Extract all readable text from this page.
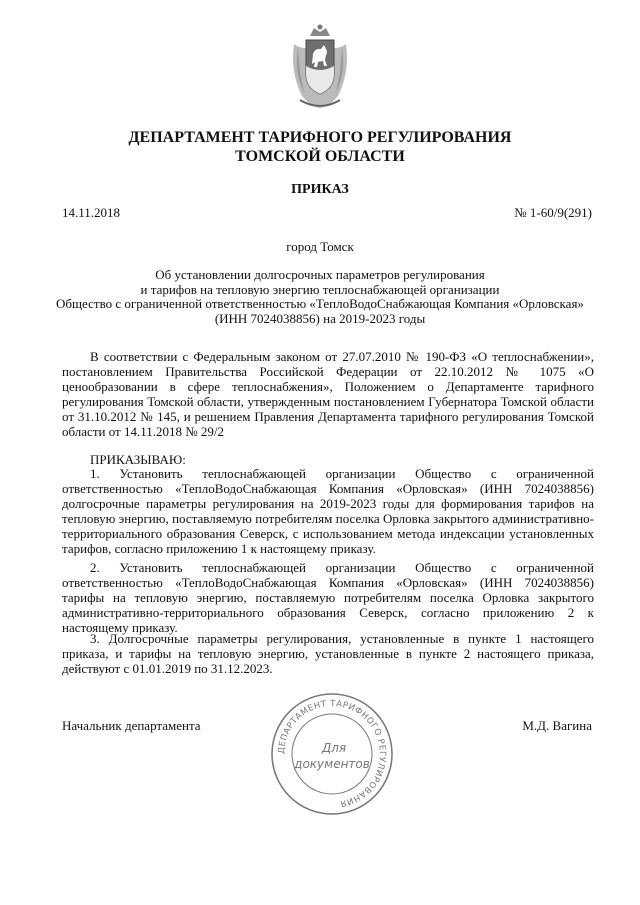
ДЕПАРТАМЕНТ ТАРИФНОГО РЕГУЛИРОВАНИЯ
ТОМСКОЙ ОБЛАСТИ
ПРИКАЗ
14.11.2018	№ 1-60/9(291)
город Томск
Об установлении долгосрочных параметров регулирования
и тарифов на тепловую энергию теплоснабжающей организации
Общество с ограниченной ответственностью «ТеплоВодоСнабжающая Компания «Орловская»
(ИНН 7024038856) на 2019-2023 годы
В соответствии с Федеральным законом от 27.07.2010 № 190-ФЗ «О теплоснабжении», постановлением Правительства Российской Федерации от 22.10.2012 № 1075 «О ценообразовании в сфере теплоснабжения», Положением о Департаменте тарифного регулирования Томской области, утвержденным постановлением Губернатора Томской области от 31.10.2012 № 145, и решением Правления Департамента тарифного регулирования Томской области от 14.11.2018 № 29/2
ПРИКАЗЫВАЮ:
1. Установить теплоснабжающей организации Общество с ограниченной ответственностью «ТеплоВодоСнабжающая Компания «Орловская» (ИНН 7024038856) долгосрочные параметры регулирования на 2019-2023 годы для формирования тарифов на тепловую энергию, поставляемую потребителям поселка Орловка закрытого административно-территориального образования Северск, с использованием метода индексации установленных тарифов, согласно приложению 1 к настоящему приказу.
2. Установить теплоснабжающей организации Общество с ограниченной ответственностью «ТеплоВодоСнабжающая Компания «Орловская» (ИНН 7024038856) тарифы на тепловую энергию, поставляемую потребителям поселка Орловка закрытого административно-территориального образования Северск, согласно приложению 2 к настоящему приказу.
3. Долгосрочные параметры регулирования, установленные в пункте 1 настоящего приказа, и тарифы на тепловую энергию, установленные в пункте 2 настоящего приказа, действуют с 01.01.2019 по 31.12.2023.
Начальник департамента	М.Д. Вагина
ДЕПАРТАМЕНТ ТАРИФНОГО РЕГУЛИРОВАНИЯ
Для
документов
